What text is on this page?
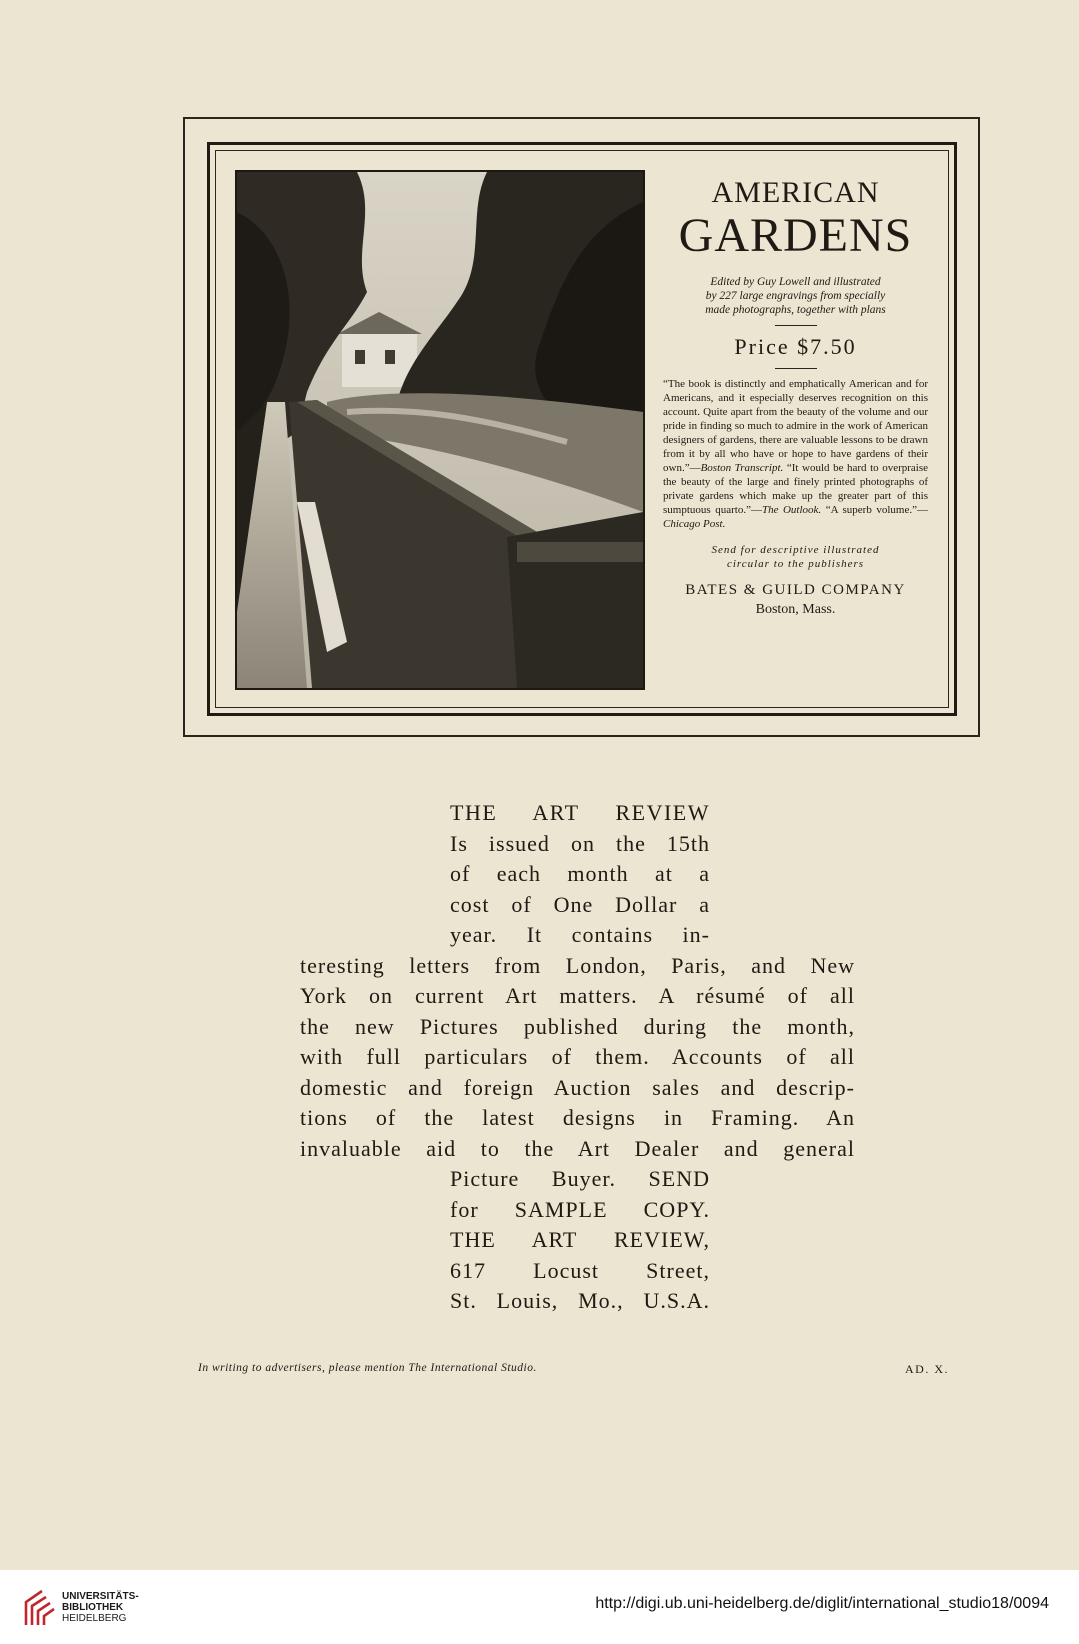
AMERICAN
GARDENS
Edited by Guy Lowell and illustrated
by 227 large engravings from specially
made photographs, together with plans
Price $7.50
“The book is distinctly and emphatically American and for Americans, and it especially deserves recognition on this account. Quite apart from the beauty of the volume and our pride in finding so much to admire in the work of American designers of gardens, there are valuable lessons to be drawn from it by all who have or hope to have gardens of their own.”—Boston Transcript. “It would be hard to overpraise the beauty of the large and finely printed photographs of private gardens which make up the greater part of this sumptuous quarto.”—The Outlook. “A superb volume.”—Chicago Post.
Send for descriptive illustrated
circular to the publishers
BATES & GUILD COMPANY
Boston, Mass.
THE ART REVIEW
Is issued on the 15th
of each month at a
cost of One Dollar a
year. It contains in-
teresting letters from London, Paris, and New
York on current Art matters. A résumé of all
the new Pictures published during the month,
with full particulars of them. Accounts of all
domestic and foreign Auction sales and descrip-
tions of the latest designs in Framing. An
invaluable aid to the Art Dealer and general
Picture Buyer. SEND
for SAMPLE COPY.
THE ART REVIEW,
617 Locust Street,
St. Louis, Mo., U.S.A.
In writing to advertisers, please mention The International Studio.	AD. X.
UNIVERSITÄTS-
BIBLIOTHEK
HEIDELBERG
http://digi.ub.uni-heidelberg.de/diglit/international_studio18/0094
